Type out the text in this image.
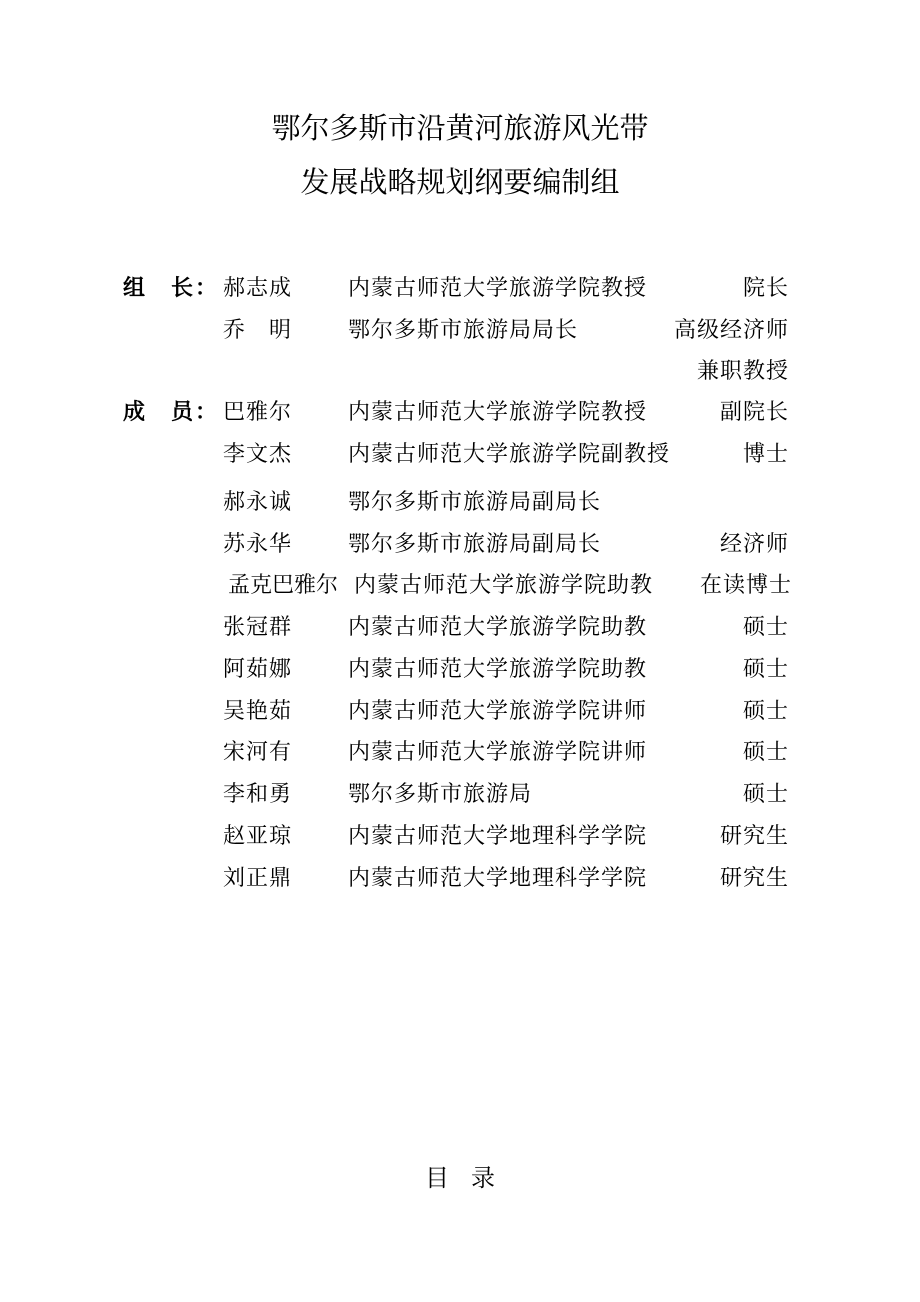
鄂尔多斯市沿黄河旅游风光带
发展战略规划纲要编制组
组　长： 郝志成	内蒙古师范大学旅游学院教授	院长
乔　明	鄂尔多斯市旅游局局长	高级经济师
兼职教授
成　员： 巴雅尔	内蒙古师范大学旅游学院教授	副院长
李文杰	内蒙古师范大学旅游学院副教授	博士
郝永诚	鄂尔多斯市旅游局副局长
苏永华	鄂尔多斯市旅游局副局长	经济师
孟克巴雅尔 内蒙古师范大学旅游学院助教 在读博士
张冠群	内蒙古师范大学旅游学院助教	硕士
阿茹娜	内蒙古师范大学旅游学院助教	硕士
吴艳茹	内蒙古师范大学旅游学院讲师	硕士
宋河有	内蒙古师范大学旅游学院讲师	硕士
李和勇	鄂尔多斯市旅游局	硕士
赵亚琼	内蒙古师范大学地理科学学院	研究生
刘正鼎	内蒙古师范大学地理科学学院	研究生
目录
